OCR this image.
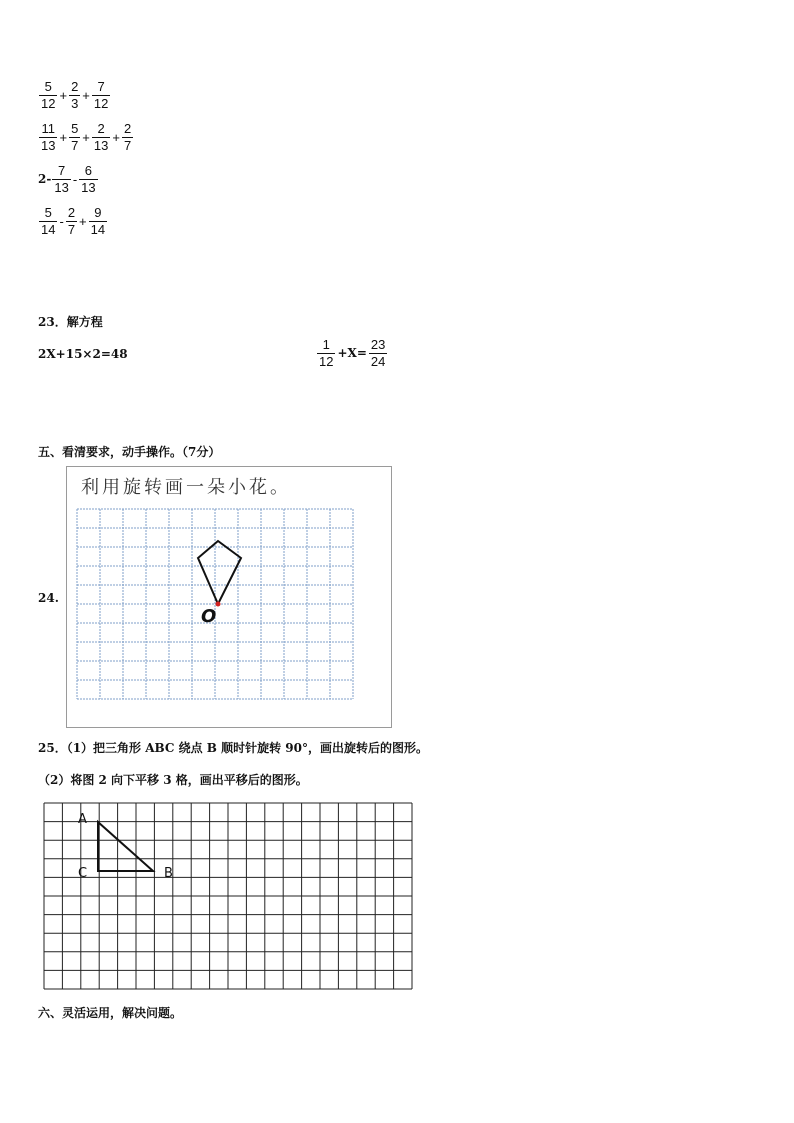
$\frac{5}{12} + \frac{2}{3} + \frac{7}{12}$
$\frac{11}{13} + \frac{5}{7} + \frac{2}{13} + \frac{2}{7}$
$2- \frac{7}{13} - \frac{6}{13}$
$\frac{5}{14} - \frac{2}{7} + \frac{9}{14}$
23．解方程
2X+15×2=48	$\frac{1}{12} +X= \frac{23}{24}$
五、看清要求，动手操作。（7分）
24.
利用旋转画一朵小花。
O
25．（1）把三角形 ABC 绕点 B 顺时针旋转 90°，画出旋转后的图形。
（2）将图 2 向下平移 3 格，画出平移后的图形。
A
C	B
六、灵活运用，解决问题。
